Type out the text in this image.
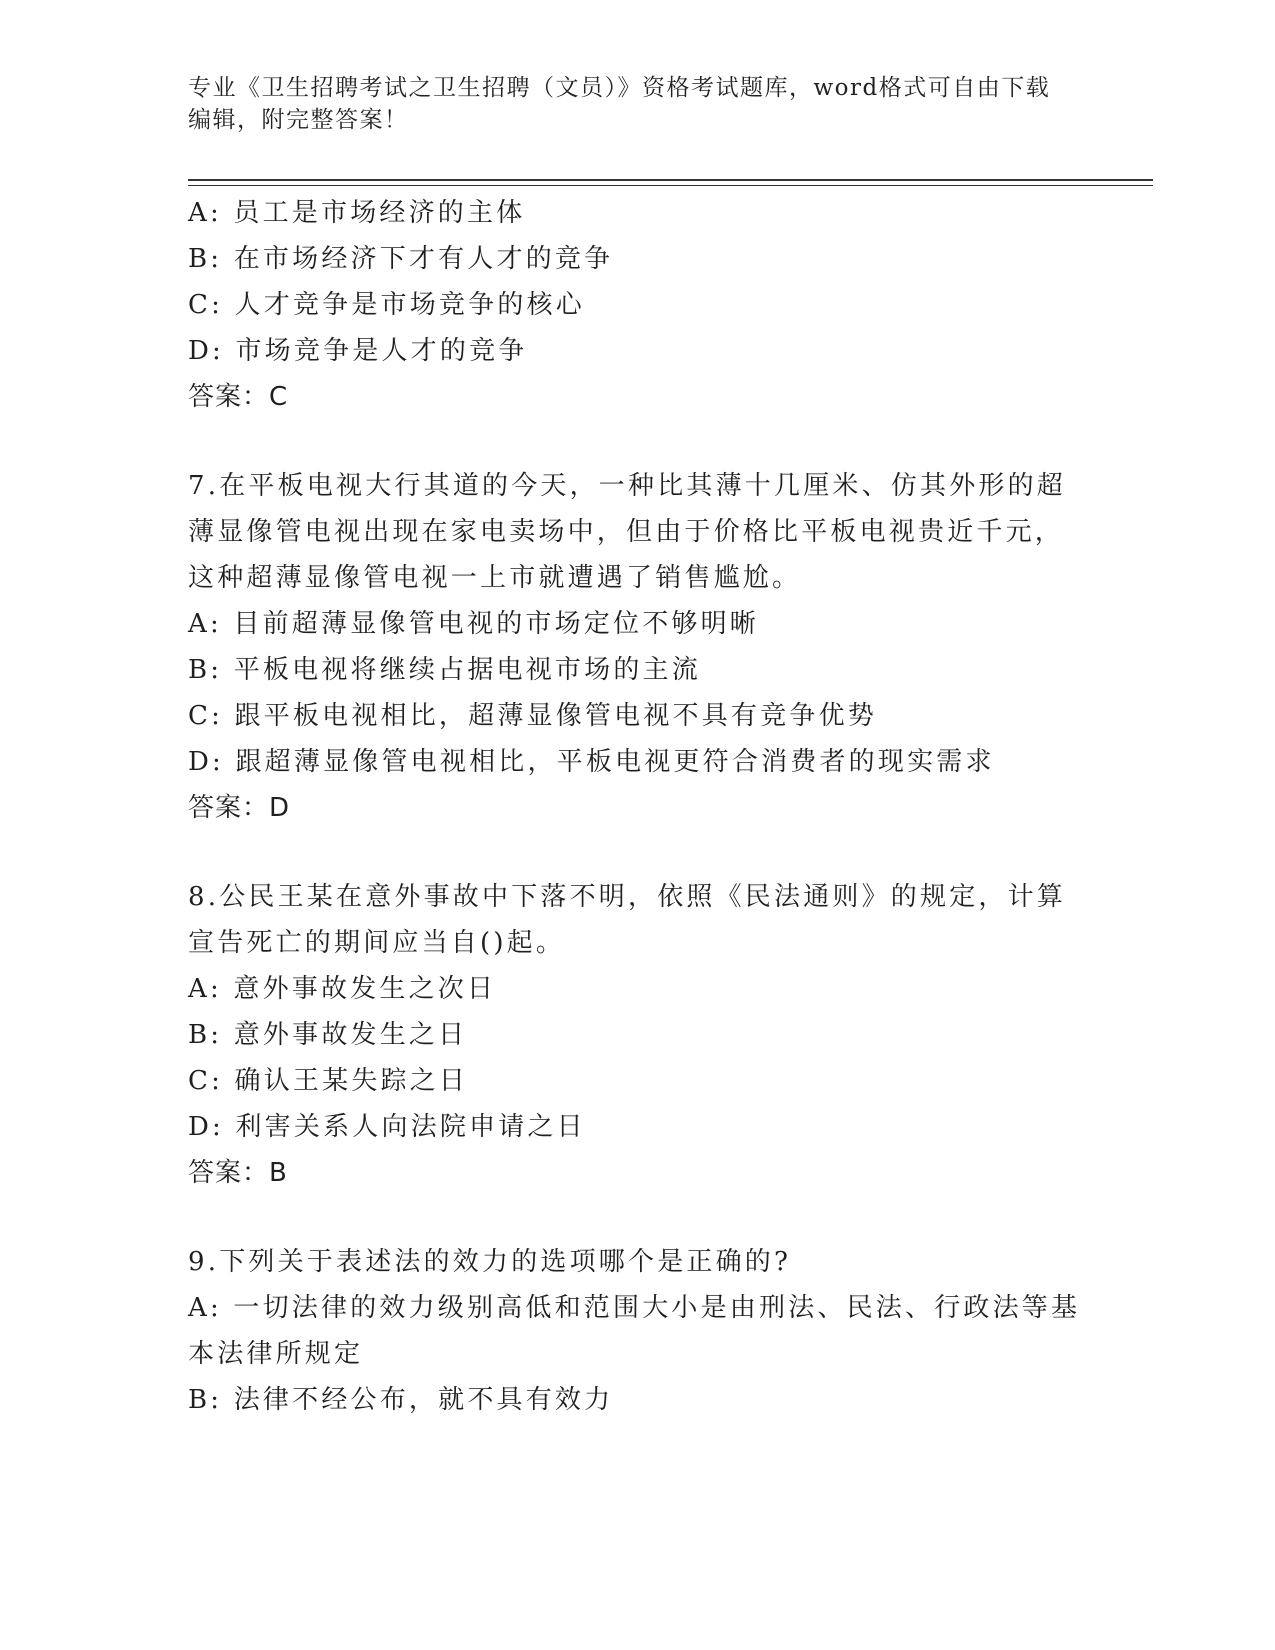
专业《卫生招聘考试之卫生招聘（文员）》资格考试题库，word格式可自由下载
编辑，附完整答案！
A: 员工是市场经济的主体
B: 在市场经济下才有人才的竞争
C: 人才竞争是市场竞争的核心
D: 市场竞争是人才的竞争
答案：C
7.在平板电视大行其道的今天，一种比其薄十几厘米、仿其外形的超
薄显像管电视出现在家电卖场中，但由于价格比平板电视贵近千元，
这种超薄显像管电视一上市就遭遇了销售尴尬。
A: 目前超薄显像管电视的市场定位不够明晰
B: 平板电视将继续占据电视市场的主流
C: 跟平板电视相比，超薄显像管电视不具有竞争优势
D: 跟超薄显像管电视相比，平板电视更符合消费者的现实需求
答案：D
8.公民王某在意外事故中下落不明，依照《民法通则》的规定，计算
宣告死亡的期间应当自()起。
A: 意外事故发生之次日
B: 意外事故发生之日
C: 确认王某失踪之日
D: 利害关系人向法院申请之日
答案：B
9.下列关于表述法的效力的选项哪个是正确的?
A: 一切法律的效力级别高低和范围大小是由刑法、民法、行政法等基
本法律所规定
B: 法律不经公布，就不具有效力
